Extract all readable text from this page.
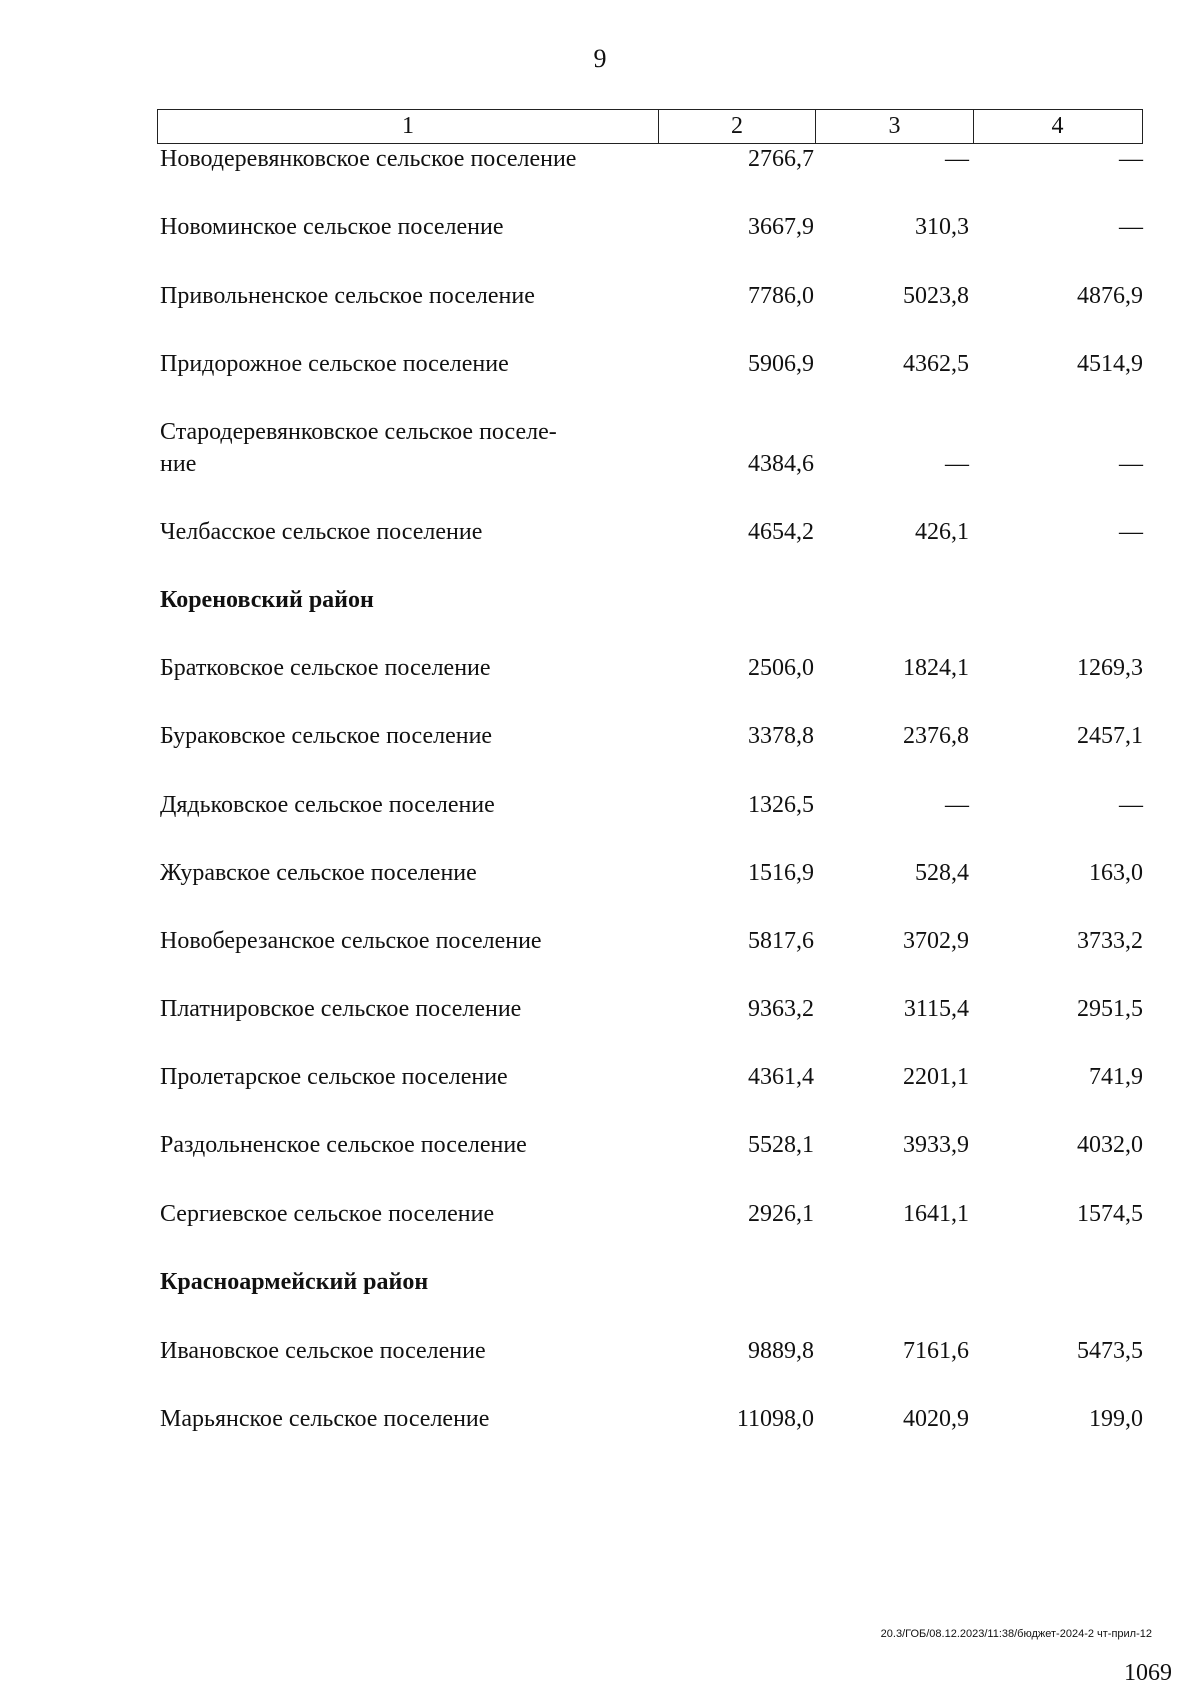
9
1	2	3	4
Новодеревянковское сельское поселение	2766,7	—	—
Новоминское сельское поселение	3667,9	310,3	—
Привольненское сельское поселение	7786,0	5023,8	4876,9
Придорожное сельское поселение	5906,9	4362,5	4514,9
Стародеревянковское сельское поселе-
ние	4384,6	—	—
Челбасское сельское поселение	4654,2	426,1	—
Кореновский район
Братковское сельское поселение	2506,0	1824,1	1269,3
Бураковское сельское поселение	3378,8	2376,8	2457,1
Дядьковское сельское поселение	1326,5	—	—
Журавское сельское поселение	1516,9	528,4	163,0
Новоберезанское сельское поселение	5817,6	3702,9	3733,2
Платнировское сельское поселение	9363,2	3115,4	2951,5
Пролетарское сельское поселение	4361,4	2201,1	741,9
Раздольненское сельское поселение	5528,1	3933,9	4032,0
Сергиевское сельское поселение	2926,1	1641,1	1574,5
Красноармейский район
Ивановское сельское поселение	9889,8	7161,6	5473,5
Марьянское сельское поселение	11098,0	4020,9	199,0
20.3/ГОБ/08.12.2023/11:38/бюджет-2024-2 чт-прил-12
1069
